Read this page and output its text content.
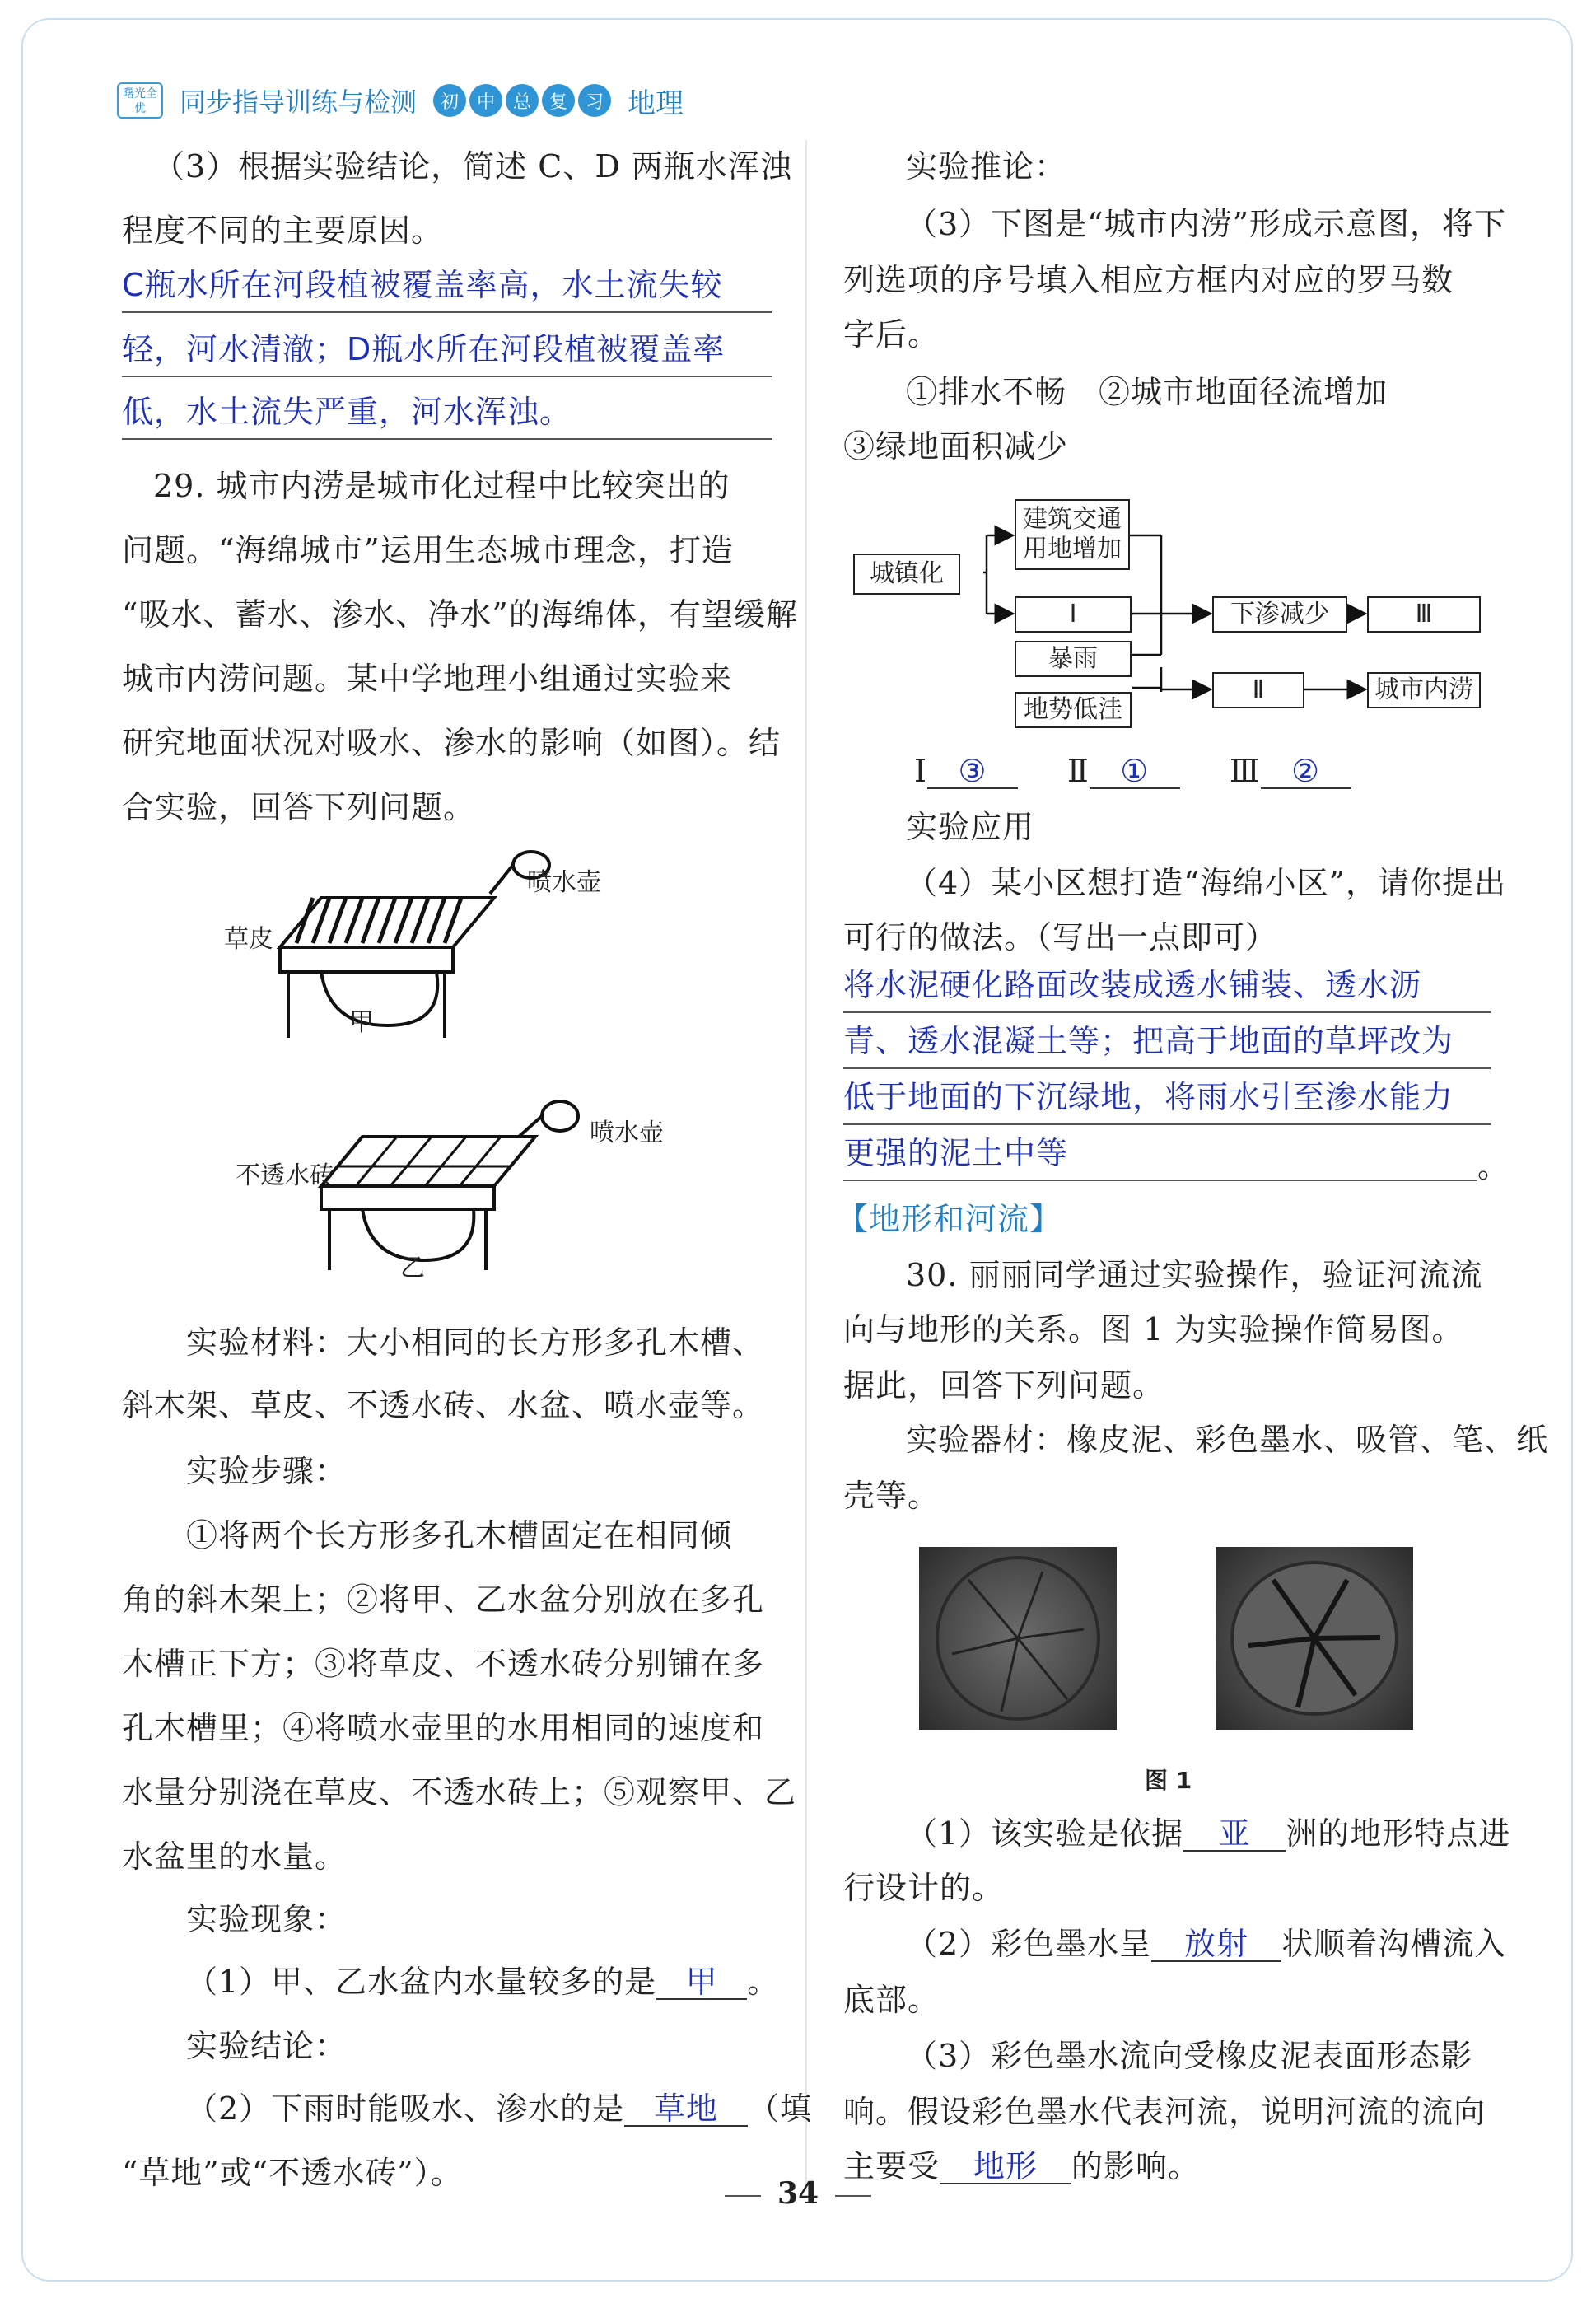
曙光全优	同步指导训练与检测	初 中 总 复 习 地理
（3）根据实验结论，简述 C、D 两瓶水浑浊
程度不同的主要原因。
C瓶水所在河段植被覆盖率高，水土流失较
轻，河水清澈；D瓶水所在河段植被覆盖率
低，水土流失严重，河水浑浊。
29. 城市内涝是城市化过程中比较突出的
问题。“海绵城市”运用生态城市理念，打造
“吸水、蓄水、渗水、净水”的海绵体，有望缓解
城市内涝问题。某中学地理小组通过实验来
研究地面状况对吸水、渗水的影响（如图）。结
合实验，回答下列问题。
喷水壶
草皮
甲
喷水壶
不透水砖
乙
实验材料：大小相同的长方形多孔木槽、
斜木架、草皮、不透水砖、水盆、喷水壶等。
实验步骤：
①将两个长方形多孔木槽固定在相同倾
角的斜木架上；②将甲、乙水盆分别放在多孔
木槽正下方；③将草皮、不透水砖分别铺在多
孔木槽里；④将喷水壶里的水用相同的速度和
水量分别浇在草皮、不透水砖上；⑤观察甲、乙
水盆里的水量。
实验现象：
（1）甲、乙水盆内水量较多的是 甲 。
实验结论：
（2）下雨时能吸水、渗水的是 草地 （填
“草地”或“不透水砖”）。
实验推论：
（3）下图是“城市内涝”形成示意图，将下
列选项的序号填入相应方框内对应的罗马数
字后。
①排水不畅　②城市地面径流增加
③绿地面积减少
城镇化
建筑交通
用地增加
Ⅰ	下渗减少	Ⅲ
暴雨
地势低洼
Ⅱ	城市内涝
Ⅰ ③	Ⅱ ①	Ⅲ ②
实验应用
（4）某小区想打造“海绵小区”，请你提出
可行的做法。（写出一点即可）
将水泥硬化路面改装成透水铺装、透水沥
青、透水混凝土等；把高于地面的草坪改为
低于地面的下沉绿地，将雨水引至渗水能力
更强的泥土中等	。
【地形和河流】
30. 丽丽同学通过实验操作，验证河流流
向与地形的关系。图 1 为实验操作简易图。
据此，回答下列问题。
实验器材：橡皮泥、彩色墨水、吸管、笔、纸
壳等。
图 1
（1）该实验是依据 亚 洲的地形特点进
行设计的。
（2）彩色墨水呈 放射 状顺着沟槽流入
底部。
（3）彩色墨水流向受橡皮泥表面形态影
响。假设彩色墨水代表河流，说明河流的流向
主要受 地形 的影响。
34
